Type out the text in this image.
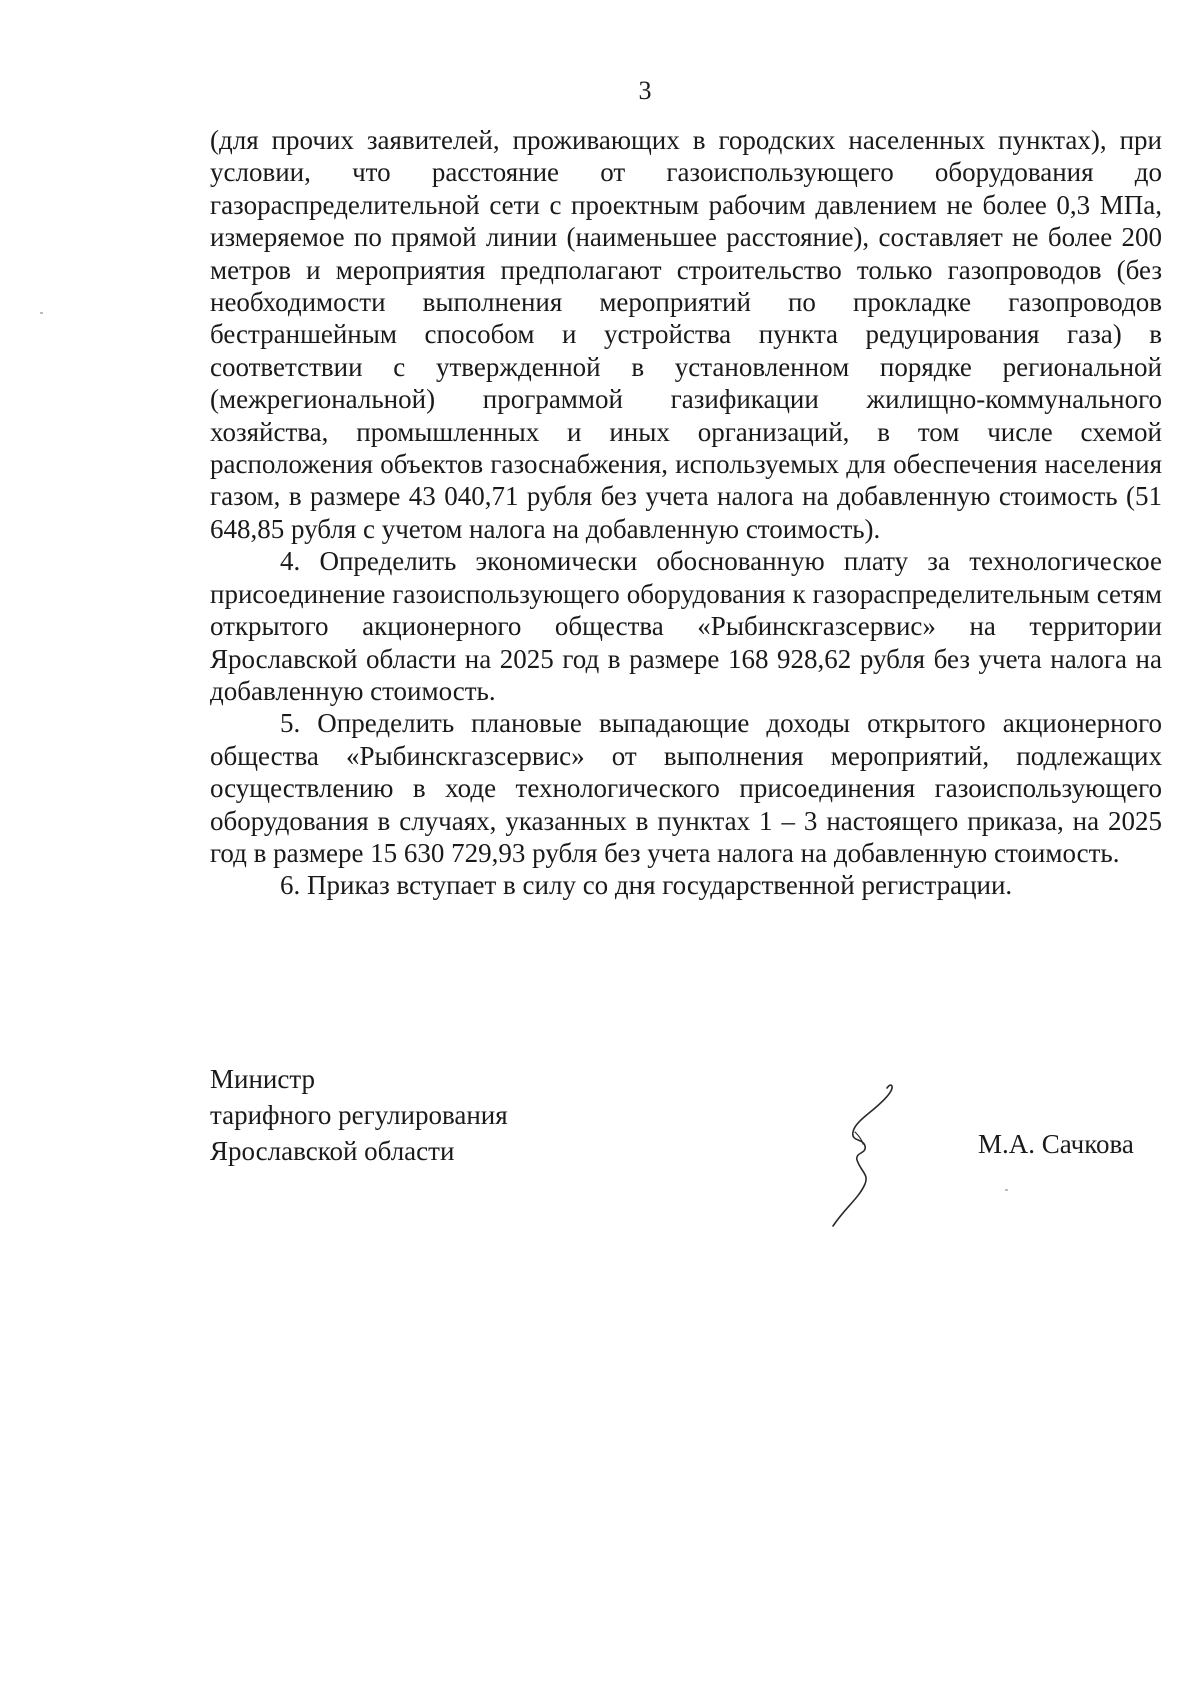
3

(для прочих заявителей, проживающих в городских населенных пунктах), при условии, что расстояние от газоиспользующего оборудования до газораспределительной сети с проектным рабочим давлением не более 0,3 МПа, измеряемое по прямой линии (наименьшее расстояние), составляет не более 200 метров и мероприятия предполагают строительство только газопроводов (без необходимости выполнения мероприятий по прокладке газопроводов бестраншейным способом и устройства пункта редуцирования газа) в соответствии с утвержденной в установленном порядке региональной (межрегиональной) программой газификации жилищно-коммунального хозяйства, промышленных и иных организаций, в том числе схемой расположения объектов газоснабжения, используемых для обеспечения населения газом, в размере 43 040,71 рубля без учета налога на добавленную стоимость (51 648,85 рубля с учетом налога на добавленную стоимость).

4. Определить экономически обоснованную плату за технологическое присоединение газоиспользующего оборудования к газораспределительным сетям открытого акционерного общества «Рыбинскгазсервис» на территории Ярославской области на 2025 год в размере 168 928,62 рубля без учета налога на добавленную стоимость.

5. Определить плановые выпадающие доходы открытого акционерного общества «Рыбинскгазсервис» от выполнения мероприятий, подлежащих осуществлению в ходе технологического присоединения газоиспользующего оборудования в случаях, указанных в пунктах 1 – 3 настоящего приказа, на 2025 год в размере 15 630 729,93 рубля без учета налога на добавленную стоимость.

6. Приказ вступает в силу со дня государственной регистрации.

Министр
тарифного регулирования
Ярославской области	М.А. Сачкова
